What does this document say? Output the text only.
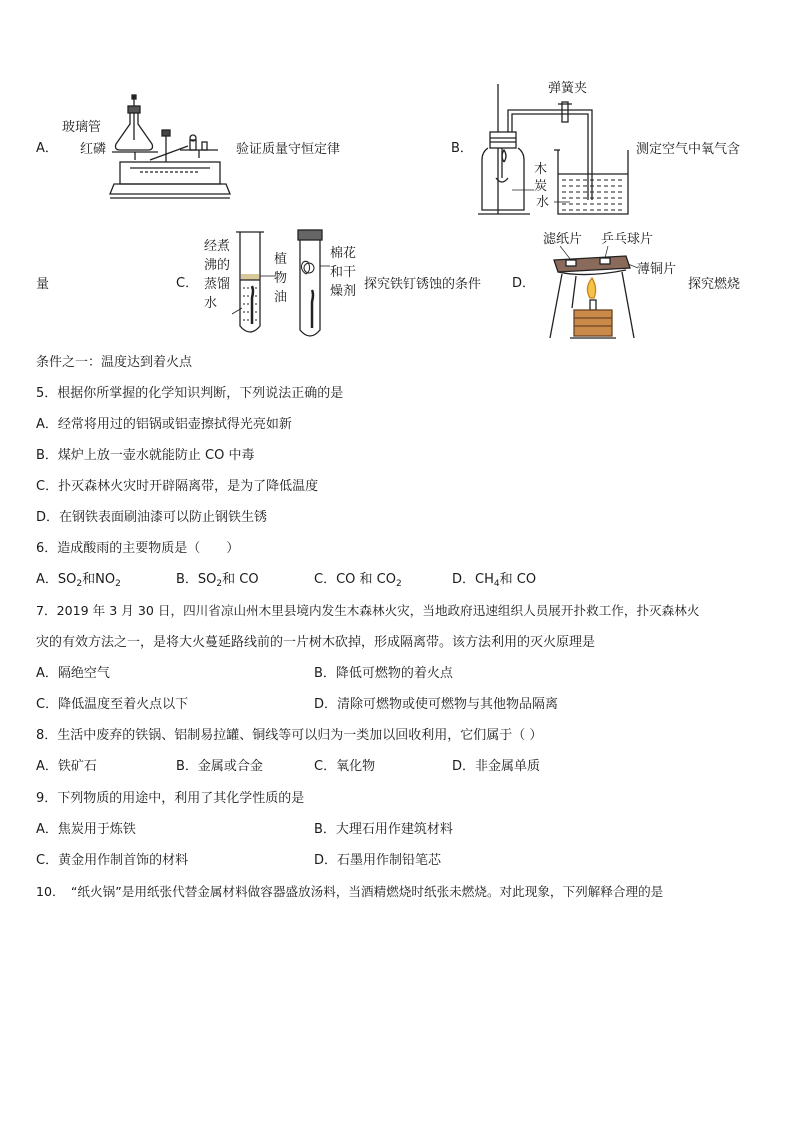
A．
玻璃管
红磷	验证质量守恒定律	B．
弹簧夹
木
炭
水
测定空气中氧气含
量	C．
经煮
沸的
蒸馏
水
植
物
油
棉花
和干
燥剂 探究铁钉锈蚀的条件 D．
滤纸片 乒乓球片
薄铜片
探究燃烧
条件之一：温度达到着火点
5．根据你所掌握的化学知识判断，下列说法正确的是
A．经常将用过的铝锅或铝壶擦拭得光亮如新
B．煤炉上放一壶水就能防止 CO 中毒
C．扑灭森林火灾时开辟隔离带，是为了降低温度
D．在钢铁表面刷油漆可以防止钢铁生锈
6．造成酸雨的主要物质是（　　）
A．$SO_2$和$NO_2$	B．$SO_2$和 CO	C．CO 和 $CO_2$	D．$CH_4$和 CO
7．2019 年 3 月 30 日，四川省凉山州木里县境内发生木森林火灾，当地政府迅速组织人员展开扑救工作，扑灭森林火
灾的有效方法之一，是将大火蔓延路线前的一片树木砍掉，形成隔离带。该方法利用的灭火原理是
A．隔绝空气	B．降低可燃物的着火点
C．降低温度至着火点以下	D．清除可燃物或使可燃物与其他物品隔离
8．生活中废弃的铁锅、铝制易拉罐、铜线等可以归为一类加以回收利用，它们属于（ ）
A．铁矿石	B．金属或合金	C．氧化物	D．非金属单质
9．下列物质的用途中，利用了其化学性质的是
A．焦炭用于炼铁	B．大理石用作建筑材料
C．黄金用作制首饰的材料	D．石墨用作制铅笔芯
10．　“纸火锅”是用纸张代替金属材料做容器盛放汤料，当酒精燃烧时纸张未燃烧。对此现象，下列解释合理的是
